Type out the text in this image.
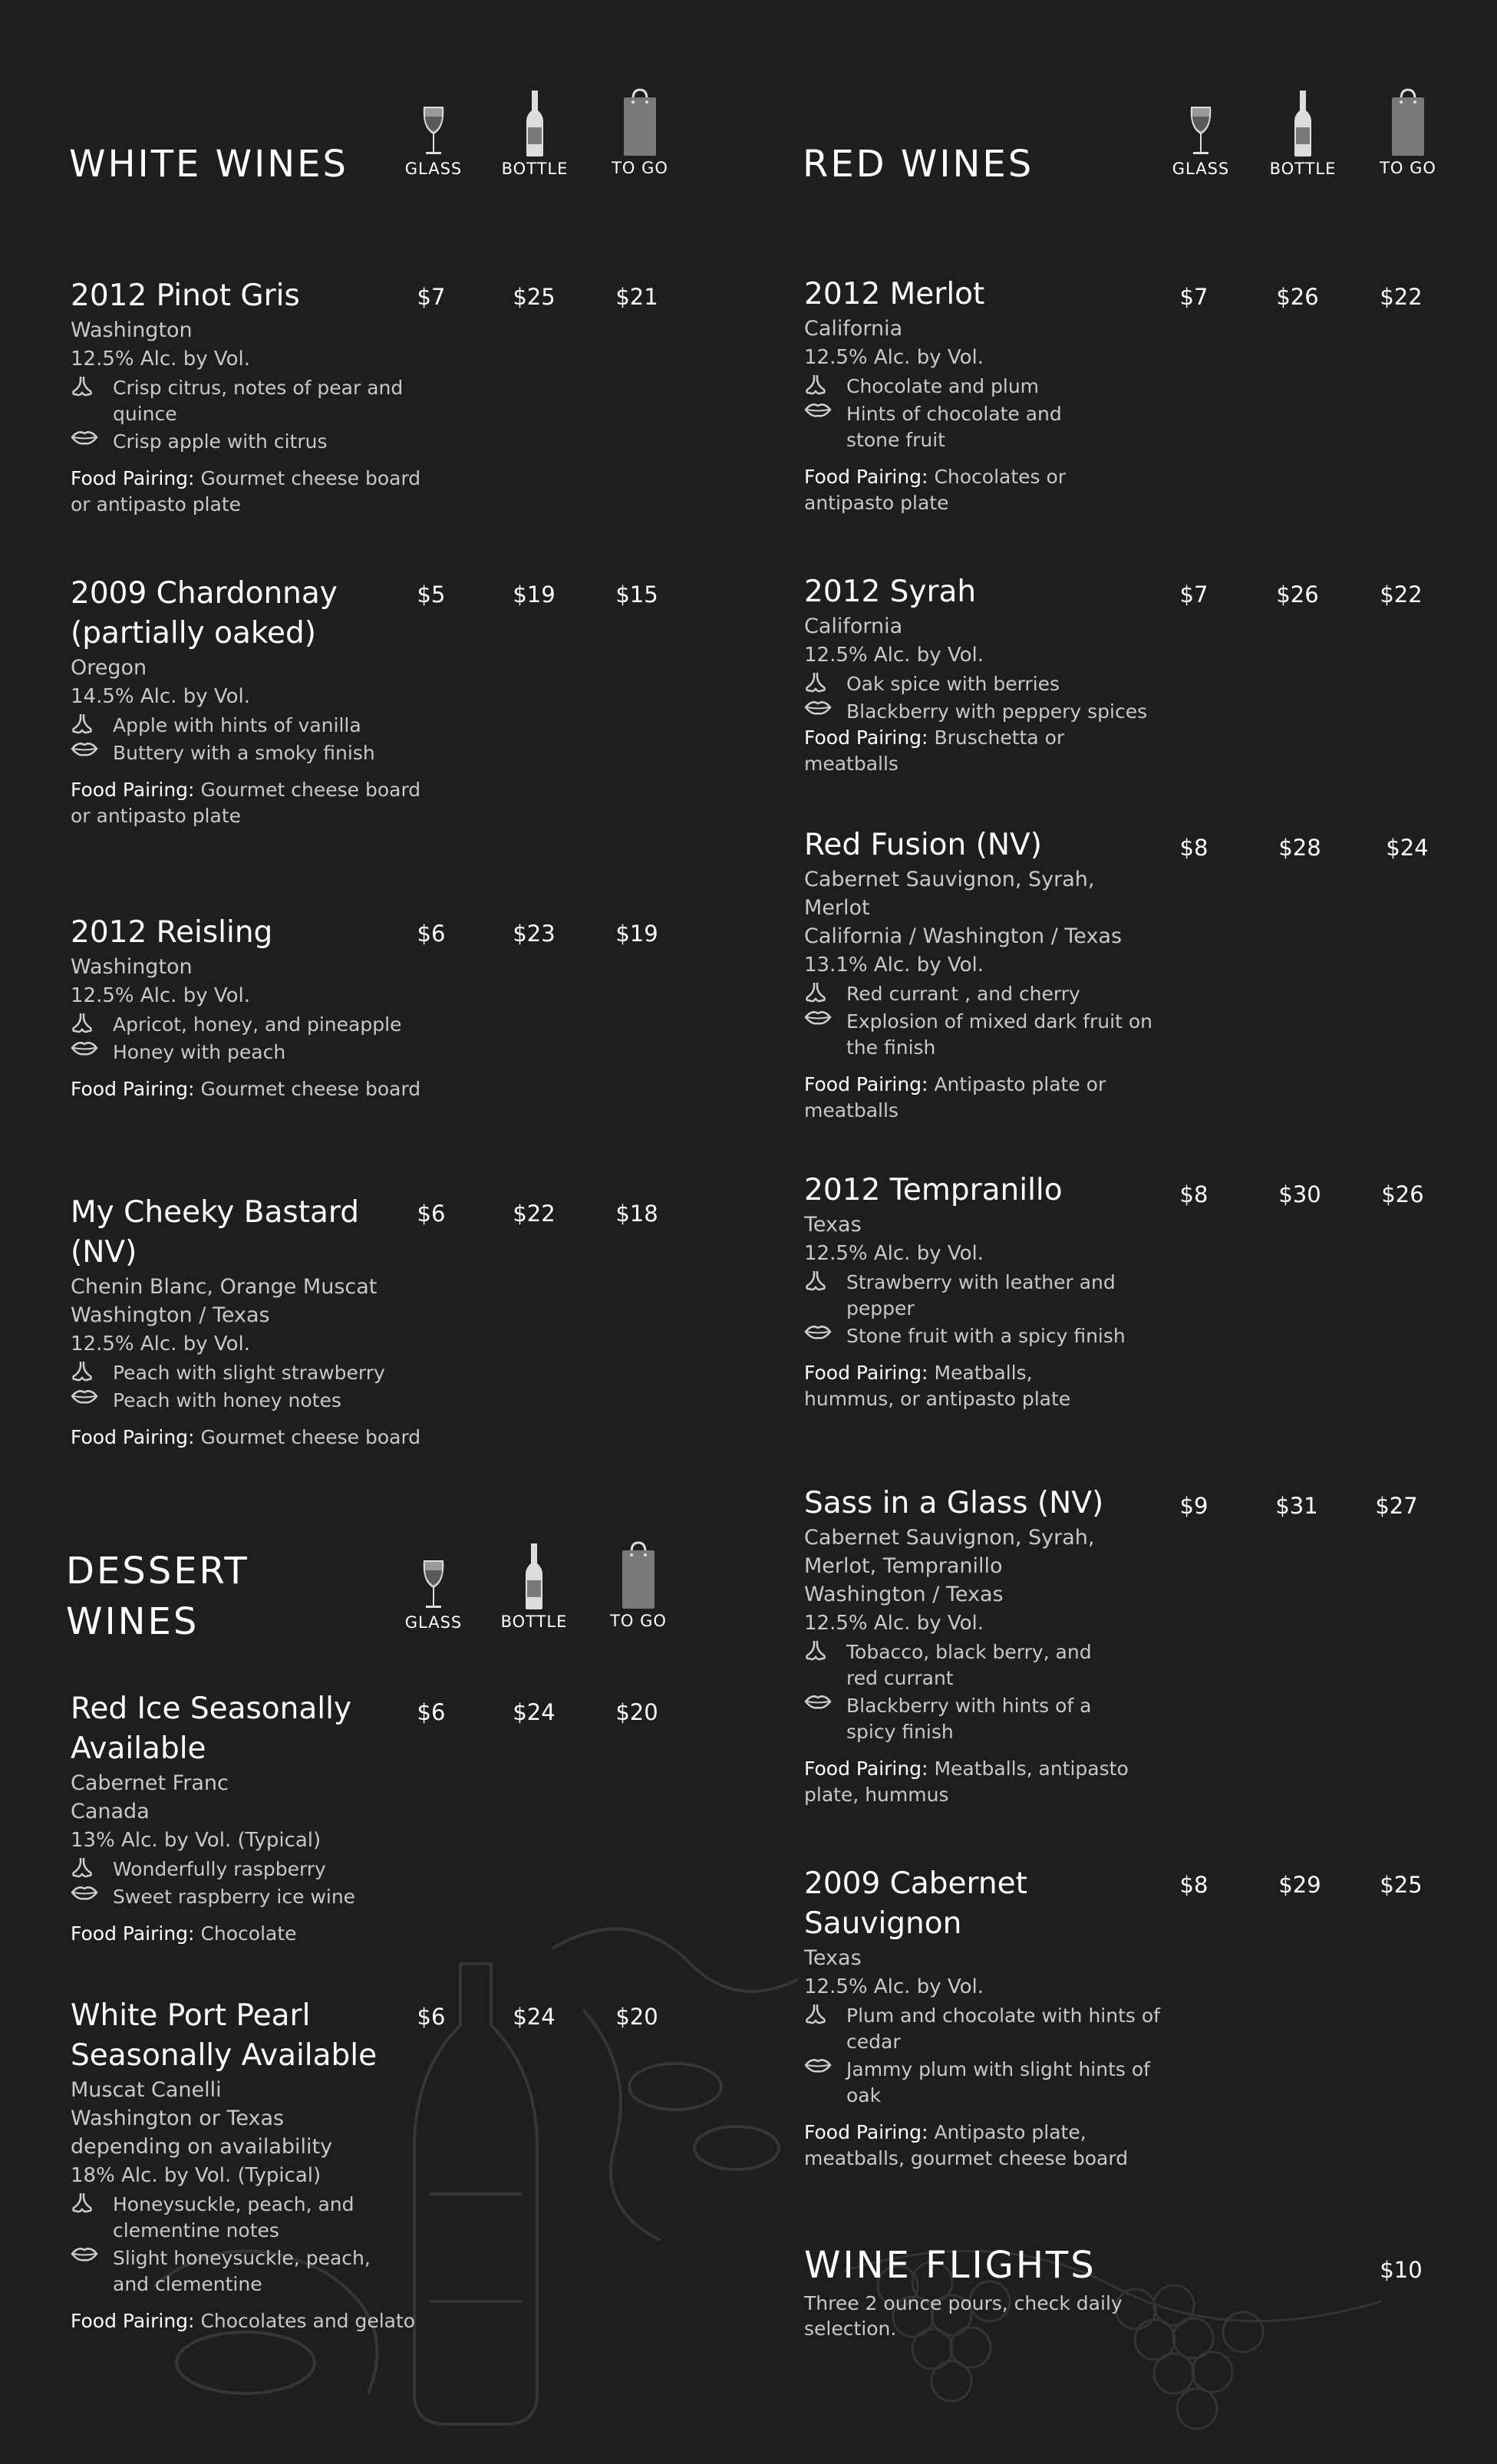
WHITE WINES	RED WINES
DESSERT
WINES
WINE FLIGHTS
GLASS	BOTTLE	TO GO	GLASS	BOTTLE	TO GO
GLASS	BOTTLE	TO GO
2012 Pinot Gris
Washington
12.5% Alc. by Vol.
Crisp citrus, notes of pear and quince
Crisp apple with citrus
Food Pairing: Gourmet cheese board or antipasto plate
$7	$25	$21
2009 Chardonnay (partially oaked)
Oregon
14.5% Alc. by Vol.
Apple with hints of vanilla
Buttery with a smoky finish
Food Pairing: Gourmet cheese board or antipasto plate
$5	$19	$15
2012 Reisling
Washington
12.5% Alc. by Vol.
Apricot, honey, and pineapple
Honey with peach
Food Pairing: Gourmet cheese board
$6	$23	$19
My Cheeky Bastard (NV)
Chenin Blanc, Orange Muscat
Washington / Texas
12.5% Alc. by Vol.
Peach with slight strawberry
Peach with honey notes
Food Pairing: Gourmet cheese board
$6	$22	$18
Red Ice Seasonally Available
Cabernet Franc
Canada
13% Alc. by Vol. (Typical)
Wonderfully raspberry
Sweet raspberry ice wine
Food Pairing: Chocolate
$6	$24	$20
White Port Pearl Seasonally Available
Muscat Canelli
Washington or Texas depending on availability
18% Alc. by Vol. (Typical)
Honeysuckle, peach, and clementine notes
Slight honeysuckle, peach, and clementine
Food Pairing: Chocolates and gelato
$6	$24	$20
2012 Merlot
California
12.5% Alc. by Vol.
Chocolate and plum
Hints of chocolate and stone fruit
Food Pairing: Chocolates or antipasto plate
$7	$26	$22
2012 Syrah
California
12.5% Alc. by Vol.
Oak spice with berries
Blackberry with peppery spices
Food Pairing: Bruschetta or meatballs
$7	$26	$22
Red Fusion (NV)
Cabernet Sauvignon, Syrah, Merlot
California / Washington / Texas
13.1% Alc. by Vol.
Red currant , and cherry
Explosion of mixed dark fruit on the finish
Food Pairing: Antipasto plate or meatballs
$8	$28	$24
2012 Tempranillo
Texas
12.5% Alc. by Vol.
Strawberry with leather and pepper
Stone fruit with a spicy finish
Food Pairing: Meatballs, hummus, or antipasto plate
$8	$30	$26
Sass in a Glass (NV)
Cabernet Sauvignon, Syrah, Merlot, Tempranillo
Washington / Texas
12.5% Alc. by Vol.
Tobacco, black berry, and red currant
Blackberry with hints of a spicy finish
Food Pairing: Meatballs, antipasto plate, hummus
$9	$31	$27
2009 Cabernet Sauvignon
Texas
12.5% Alc. by Vol.
Plum and chocolate with hints of cedar
Jammy plum with slight hints of oak
Food Pairing: Antipasto plate, meatballs, gourmet cheese board
$8	$29	$25
Three 2 ounce pours, check daily selection.
$10
